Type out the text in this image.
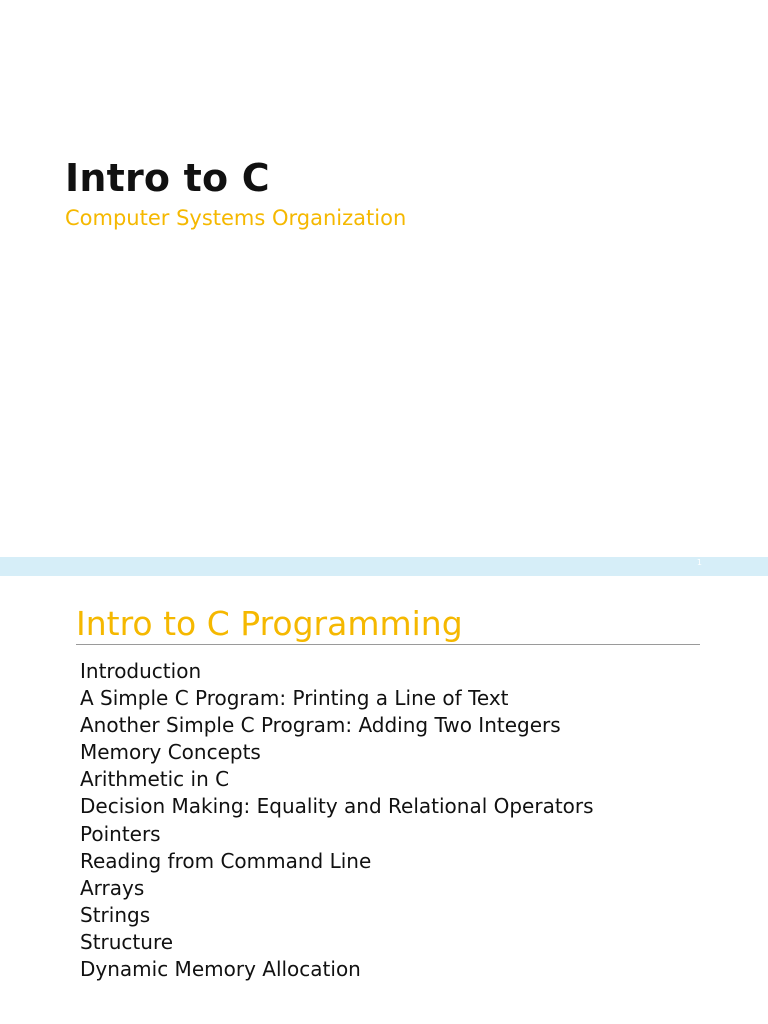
Intro to C
Computer Systems Organization
1
Intro to C Programming
Introduction
A Simple C Program: Printing a Line of Text
Another Simple C Program: Adding Two Integers
Memory Concepts
Arithmetic in C
Decision Making: Equality and Relational Operators
Pointers
Reading from Command Line
Arrays
Strings
Structure
Dynamic Memory Allocation
